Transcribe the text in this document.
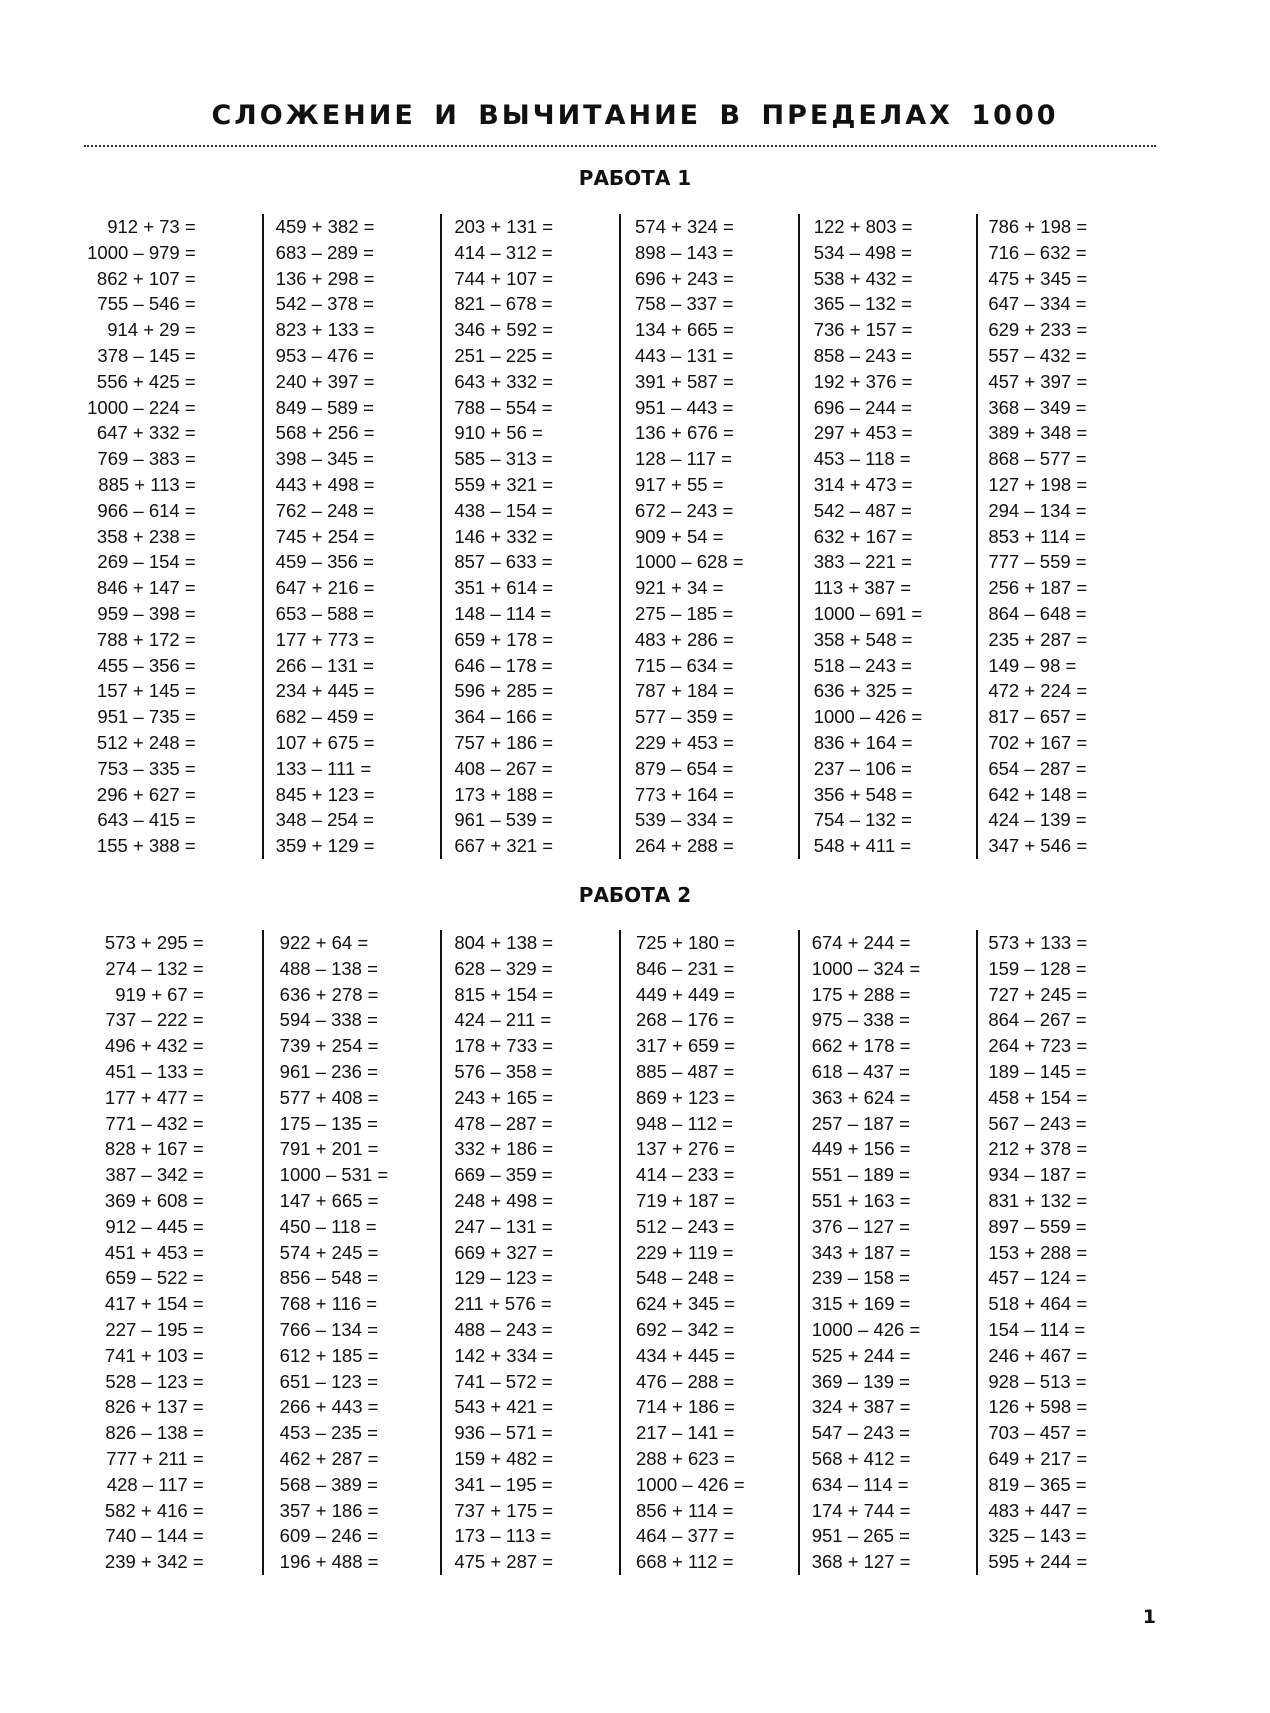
СЛОЖЕНИЕ И ВЫЧИТАНИЕ В ПРЕДЕЛАХ 1000
РАБОТА 1
912 + 73 =
1000 – 979 =
862 + 107 =
755 – 546 =
914 + 29 =
378 – 145 =
556 + 425 =
1000 – 224 =
647 + 332 =
769 – 383 =
885 + 113 =
966 – 614 =
358 + 238 =
269 – 154 =
846 + 147 =
959 – 398 =
788 + 172 =
455 – 356 =
157 + 145 =
951 – 735 =
512 + 248 =
753 – 335 =
296 + 627 =
643 – 415 =
155 + 388 =
459 + 382 =
683 – 289 =
136 + 298 =
542 – 378 =
823 + 133 =
953 – 476 =
240 + 397 =
849 – 589 =
568 + 256 =
398 – 345 =
443 + 498 =
762 – 248 =
745 + 254 =
459 – 356 =
647 + 216 =
653 – 588 =
177 + 773 =
266 – 131 =
234 + 445 =
682 – 459 =
107 + 675 =
133 – 111 =
845 + 123 =
348 – 254 =
359 + 129 =
203 + 131 =
414 – 312 =
744 + 107 =
821 – 678 =
346 + 592 =
251 – 225 =
643 + 332 =
788 – 554 =
910 + 56 =
585 – 313 =
559 + 321 =
438 – 154 =
146 + 332 =
857 – 633 =
351 + 614 =
148 – 114 =
659 + 178 =
646 – 178 =
596 + 285 =
364 – 166 =
757 + 186 =
408 – 267 =
173 + 188 =
961 – 539 =
667 + 321 =
574 + 324 =
898 – 143 =
696 + 243 =
758 – 337 =
134 + 665 =
443 – 131 =
391 + 587 =
951 – 443 =
136 + 676 =
128 – 117 =
917 + 55 =
672 – 243 =
909 + 54 =
1000 – 628 =
921 + 34 =
275 – 185 =
483 + 286 =
715 – 634 =
787 + 184 =
577 – 359 =
229 + 453 =
879 – 654 =
773 + 164 =
539 – 334 =
264 + 288 =
122 + 803 =
534 – 498 =
538 + 432 =
365 – 132 =
736 + 157 =
858 – 243 =
192 + 376 =
696 – 244 =
297 + 453 =
453 – 118 =
314 + 473 =
542 – 487 =
632 + 167 =
383 – 221 =
113 + 387 =
1000 – 691 =
358 + 548 =
518 – 243 =
636 + 325 =
1000 – 426 =
836 + 164 =
237 – 106 =
356 + 548 =
754 – 132 =
548 + 411 =
786 + 198 =
716 – 632 =
475 + 345 =
647 – 334 =
629 + 233 =
557 – 432 =
457 + 397 =
368 – 349 =
389 + 348 =
868 – 577 =
127 + 198 =
294 – 134 =
853 + 114 =
777 – 559 =
256 + 187 =
864 – 648 =
235 + 287 =
149 – 98 =
472 + 224 =
817 – 657 =
702 + 167 =
654 – 287 =
642 + 148 =
424 – 139 =
347 + 546 =
РАБОТА 2
573 + 295 =
274 – 132 =
919 + 67 =
737 – 222 =
496 + 432 =
451 – 133 =
177 + 477 =
771 – 432 =
828 + 167 =
387 – 342 =
369 + 608 =
912 – 445 =
451 + 453 =
659 – 522 =
417 + 154 =
227 – 195 =
741 + 103 =
528 – 123 =
826 + 137 =
826 – 138 =
777 + 211 =
428 – 117 =
582 + 416 =
740 – 144 =
239 + 342 =
922 + 64 =
488 – 138 =
636 + 278 =
594 – 338 =
739 + 254 =
961 – 236 =
577 + 408 =
175 – 135 =
791 + 201 =
1000 – 531 =
147 + 665 =
450 – 118 =
574 + 245 =
856 – 548 =
768 + 116 =
766 – 134 =
612 + 185 =
651 – 123 =
266 + 443 =
453 – 235 =
462 + 287 =
568 – 389 =
357 + 186 =
609 – 246 =
196 + 488 =
804 + 138 =
628 – 329 =
815 + 154 =
424 – 211 =
178 + 733 =
576 – 358 =
243 + 165 =
478 – 287 =
332 + 186 =
669 – 359 =
248 + 498 =
247 – 131 =
669 + 327 =
129 – 123 =
211 + 576 =
488 – 243 =
142 + 334 =
741 – 572 =
543 + 421 =
936 – 571 =
159 + 482 =
341 – 195 =
737 + 175 =
173 – 113 =
475 + 287 =
725 + 180 =
846 – 231 =
449 + 449 =
268 – 176 =
317 + 659 =
885 – 487 =
869 + 123 =
948 – 112 =
137 + 276 =
414 – 233 =
719 + 187 =
512 – 243 =
229 + 119 =
548 – 248 =
624 + 345 =
692 – 342 =
434 + 445 =
476 – 288 =
714 + 186 =
217 – 141 =
288 + 623 =
1000 – 426 =
856 + 114 =
464 – 377 =
668 + 112 =
674 + 244 =
1000 – 324 =
175 + 288 =
975 – 338 =
662 + 178 =
618 – 437 =
363 + 624 =
257 – 187 =
449 + 156 =
551 – 189 =
551 + 163 =
376 – 127 =
343 + 187 =
239 – 158 =
315 + 169 =
1000 – 426 =
525 + 244 =
369 – 139 =
324 + 387 =
547 – 243 =
568 + 412 =
634 – 114 =
174 + 744 =
951 – 265 =
368 + 127 =
573 + 133 =
159 – 128 =
727 + 245 =
864 – 267 =
264 + 723 =
189 – 145 =
458 + 154 =
567 – 243 =
212 + 378 =
934 – 187 =
831 + 132 =
897 – 559 =
153 + 288 =
457 – 124 =
518 + 464 =
154 – 114 =
246 + 467 =
928 – 513 =
126 + 598 =
703 – 457 =
649 + 217 =
819 – 365 =
483 + 447 =
325 – 143 =
595 + 244 =
1
